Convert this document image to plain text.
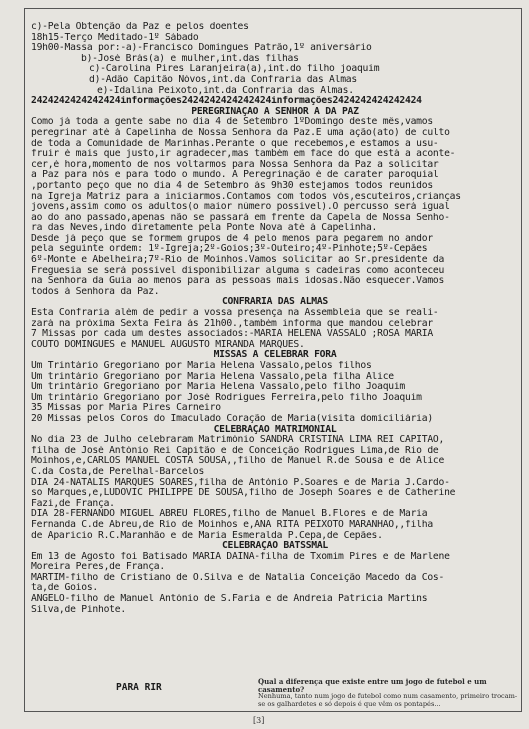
c)-Pela Obtenção da Paz e pelos doentes
18h15-Terço Meditado-1º Sábado
19h00-Massa por:-a)-Francisco Domingues Patrão,1º aniversário
b)-José Brás(a) e mulher,int.das filhas
c)-Carolina Pires Laranjeira(a),int.do filho joaquim
d)-Adão Capitão Nóvos,int.da Confraria das Almas
e)-Idalina Peixoto,int.da Confraria das Almas.
2424242424242424informações2424242424242424informações2424242424242424
PEREGRINAÇÃO À SENHOR A DA PAZ
Como já toda a gente sabe no dia 4 de Setembro 1ºDomingo deste mês,vamos
peregrinar até à Capelinha de Nossa Senhora da Paz.É uma ação(ato) de culto
de toda a Comunidade de Marinhas.Perante o que recebemos,e estamos a usu-
fruir é mais que justo,ir agradecer,mas também em face do que está a aconte-
cer,é hora,momento de nos voltarmos para Nossa Senhora da Paz a solicitar
a Paz para nós e para todo o mundo. A Peregrinação é de carater paroquial
,portanto peço que no dia 4 de Setembro às 9h30 estejamos todos reunidos
na Igreja Matriz para a iniciarmos.Contamos com todos vós,escuteiros,crianças
jovens,assim como os adultos(o maior número possivel).O percusso será igual
ao do ano passado,apenas não se passará em frente da Capela de Nossa Senho-
ra das Neves,indo diretamente pela Ponte Nova até à Capelinha.
Desde já peço que se formem grupos de 4 pelo menos para pegarem no andor
pela seguinte ordem: 1º-Igreja;2º-Goios;3º-Outeiro;4º-Pinhote;5º-Cepães
6º-Monte e Abelheira;7º-Rio de Moinhos.Vamos solicitar ao Sr.presidente da
Freguesia se será possivel disponibilizar alguma s cadeiras como aconteceu
na Senhora da Guia ao menos para as pessoas mais idosas.Não esquecer.Vamos
todos à Senhora da Paz.
CONFRARIA DAS ALMAS
Esta Confraria além de pedir a vossa presença na Assembleia que se reali-
zará na próxima Sexta Feira às 21h00.,também informa que mandou celebrar
7 Missas por cada um destes associados:-MARIA HELENA VASSALO ;ROSA MARIA
COUTO DOMINGUES e MANUEL AUGUSTO MIRANDA MARQUES.
MISSAS A CELEBRAR FORA
Um Trintário Gregoriano por Maria Helena Vassalo,pelos filhos
Um trintário Gregoriano por Maria Helena Vassalo,pela filha Alice
Um trintário Gregoriano por Maria Helena Vassalo,pelo filho Joaquim
Um trintário Gregoriano por José Rodrigues Ferreira,pelo filho Joaquim
35 Missas por Maria Pires Carneiro
20 Missas pelos Coros do Imaculado Coração de Maria(visita domiciliária)
CELEBRAÇÃO MATRIMONIAL
No dia 23 de Julho celebraram Matrimónio SANDRA CRISTINA LIMA REI CAPITÃO,
filha de José António Rei Capitão e de Conceição Rodrigues Lima,de Rio de
Moinhos,e,CARLOS MANUEL COSTA SOUSA,,filho de Manuel R.de Sousa e de Alice
C.da Costa,de Perelhal-Barcelos
DIA 24-NATALIS MARQUES SOARES,filha de António P.Soares e de Maria J.Cardo-
so Marques,e,LUDOVIC PHILIPPE DE SOUSA,filho de Joseph Soares e de Catherine
Fazi,de França.
DIA 28-FERNANDO MIGUEL ABREU FLORES,filho de Manuel B.Flores e de Maria
Fernanda C.de Abreu,de Rio de Moinhos e,ANA RITA PEIXOTO MARANHÃO,,filha
de Aparicio R.C.Maranhão e de Maria Esmeralda P.Cepa,de Cepães.
CELEBRAÇÃO BATSSMAL
Em 13 de Agosto foi Batisado MARIA DAINA-filha de Txomim Pires e de Marlene
Moreira Peres,de França.
MARTIM-filho de Cristiano de O.Silva e de Natalia Conceição Macedo da Cos-
ta,de Goios.
ANGELO-filho de Manuel António de S.Faria e de Andreia Patricia Martins
Silva,de Pinhote.
PARA RIR
Qual a diferença que existe entre um jogo de futebol e um casamento?
Nenhuma, tanto num jogo de futebol como num casamento, primeiro trocam-se os galhardetes e só depois é que vêm os pontapés...
[3]
